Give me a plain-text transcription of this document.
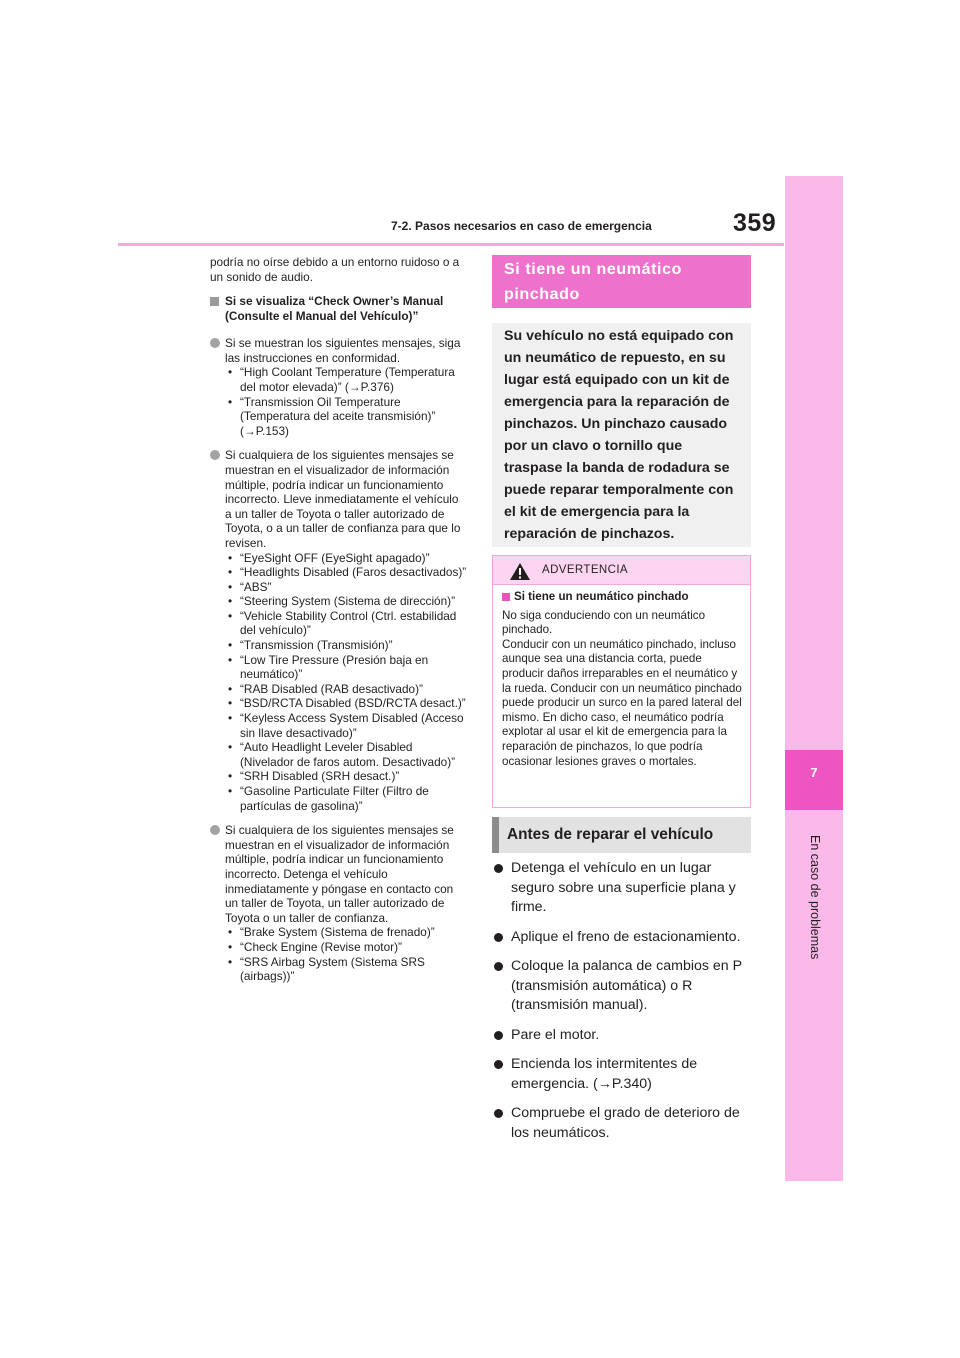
359
7-2. Pasos necesarios en caso de emergencia
7
En caso de problemas

podría no oírse debido a un entorno ruidoso o a un sonido de audio.

Si se visualiza “Check Owner’s Manual (Consulte el Manual del Vehículo)”

Si se muestran los siguientes mensajes, siga las instrucciones en conformidad.

• “High Coolant Temperature (Temperatura del motor elevada)” (→P.376)
• “Transmission Oil Temperature (Temperatura del aceite transmisión)” (→P.153)

Si cualquiera de los siguientes mensajes se muestran en el visualizador de información múltiple, podría indicar un funcionamiento incorrecto. Lleve inmediatamente el vehículo a un taller de Toyota o taller autorizado de Toyota, o a un taller de confianza para que lo revisen.

• “EyeSight OFF (EyeSight apagado)”
• “Headlights Disabled (Faros desactivados)”
• “ABS”
• “Steering System (Sistema de dirección)”
• “Vehicle Stability Control (Ctrl. estabilidad del vehículo)”
• “Transmission (Transmisión)”
• “Low Tire Pressure (Presión baja en neumático)”
• “RAB Disabled (RAB desactivado)”
• “BSD/RCTA Disabled (BSD/RCTA desact.)”
• “Keyless Access System Disabled (Acceso sin llave desactivado)”
• “Auto Headlight Leveler Disabled (Nivelador de faros autom. Desactivado)”
• “SRH Disabled (SRH desact.)”
• “Gasoline Particulate Filter (Filtro de partículas de gasolina)”

Si cualquiera de los siguientes mensajes se muestran en el visualizador de información múltiple, podría indicar un funcionamiento incorrecto. Detenga el vehículo inmediatamente y póngase en contacto con un taller de Toyota, un taller autorizado de Toyota o un taller de confianza.

• “Brake System (Sistema de frenado)”
• “Check Engine (Revise motor)”
• “SRS Airbag System (Sistema SRS (airbags))”
Si tiene un neumático pinchado
Su vehículo no está equipado con un neumático de repuesto, en su lugar está equipado con un kit de emergencia para la reparación de pinchazos. Un pinchazo causado por un clavo o tornillo que traspase la banda de rodadura se puede reparar temporalmente con el kit de emergencia para la reparación de pinchazos.
ADVERTENCIA
Si tiene un neumático pinchado
No siga conduciendo con un neumático pinchado.
Conducir con un neumático pinchado, incluso aunque sea una distancia corta, puede producir daños irreparables en el neumático y la rueda. Conducir con un neumático pinchado puede producir un surco en la pared lateral del mismo. En dicho caso, el neumático podría explotar al usar el kit de emergencia para la reparación de pinchazos, lo que podría ocasionar lesiones graves o mortales.
Antes de reparar el vehículo
Detenga el vehículo en un lugar seguro sobre una superficie plana y firme.
Aplique el freno de estacionamiento.
Coloque la palanca de cambios en P (transmisión automática) o R (transmisión manual).
Pare el motor.
Encienda los intermitentes de emergencia. (→P.340)
Compruebe el grado de deterioro de los neumáticos.
